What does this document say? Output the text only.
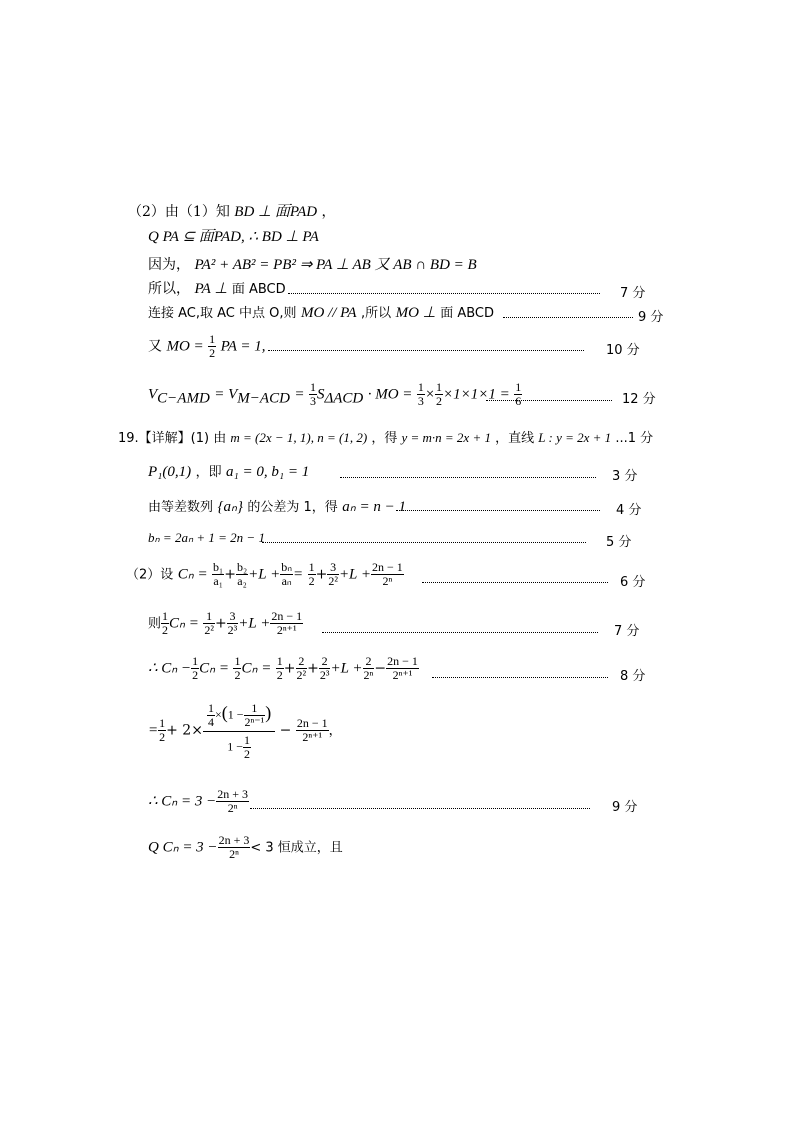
（2）由（1）知 BD ⊥ 面PAD ，
Q PA ⊆ 面PAD, ∴ BD ⊥ PA
因为， PA² + AB² = PB² ⇒ PA ⊥ AB 又 AB ∩ BD = B
所以， PA ⊥ 面 ABCD	7 分
连接 AC,取 AC 中点 O,则 MO // PA ,所以 MO ⊥ 面 ABCD	9 分
又 MO = $\frac{1}{2}$ PA = 1,	10 分
$V_{C-AMD} = V_{M-ACD} = \frac{1}{3} S_{\Delta ACD}$ · MO = $\frac{1}{3} \times \frac{1}{2} \times 1\times 1\times 1 = \frac{1}{6}$	12 分
19.【详解】(1) 由 m = (2x − 1, 1), n = (1, 2) ，得 y = m·n = 2x + 1 ，直线 L : y = 2x + 1 ...1 分
P₁(0,1) ，即 a₁ = 0, b₁ = 1	3 分
由等差数列 {aₙ} 的公差为 1，得 aₙ = n − 1	4 分
bₙ = 2aₙ + 1 = 2n − 1	5 分
（2）设 $C_n = \frac{\text{b₁}}{\text{a₁}} + \frac{\text{b₂}}{\text{a₂}} +L + \frac{\text{bₙ}}{\text{aₙ}} = \frac{1}{2} + \frac{3}{\text{2²}} +L + \frac{2n - 1}{\text{2ⁿ}}$	6 分
则 $\frac{1}{2}$ $C_n = \frac{1}{\text{2²}} + \frac{3}{\text{2³}} +L + \frac{2n - 1}{\text{2ⁿ⁺¹}}$	7 分
∴ $C_n - \frac{1}{2}$ $C_n = \frac{1}{2}$ $C_n = \frac{1}{2} + \frac{2}{\text{2²}} + \frac{2}{\text{2³}} +L + \frac{2}{\text{2ⁿ}} - \frac{2n - 1}{\text{2ⁿ⁺¹}}$	8 分
= $\frac{1}{2} + 2\times \frac{\frac{1}{4} \times(1 - \frac{1}{\text{2ⁿ⁻¹}} )}{1 - \frac{1}{2}} - \frac{2n - 1}{\text{2ⁿ⁺¹}}$ ，
∴ $C_n = 3 - \frac{2n + 3}{\text{2ⁿ}}$	9 分
Q $C_n = 3 - \frac{2n + 3}{\text{2ⁿ}} < 3$ 恒成立，且
